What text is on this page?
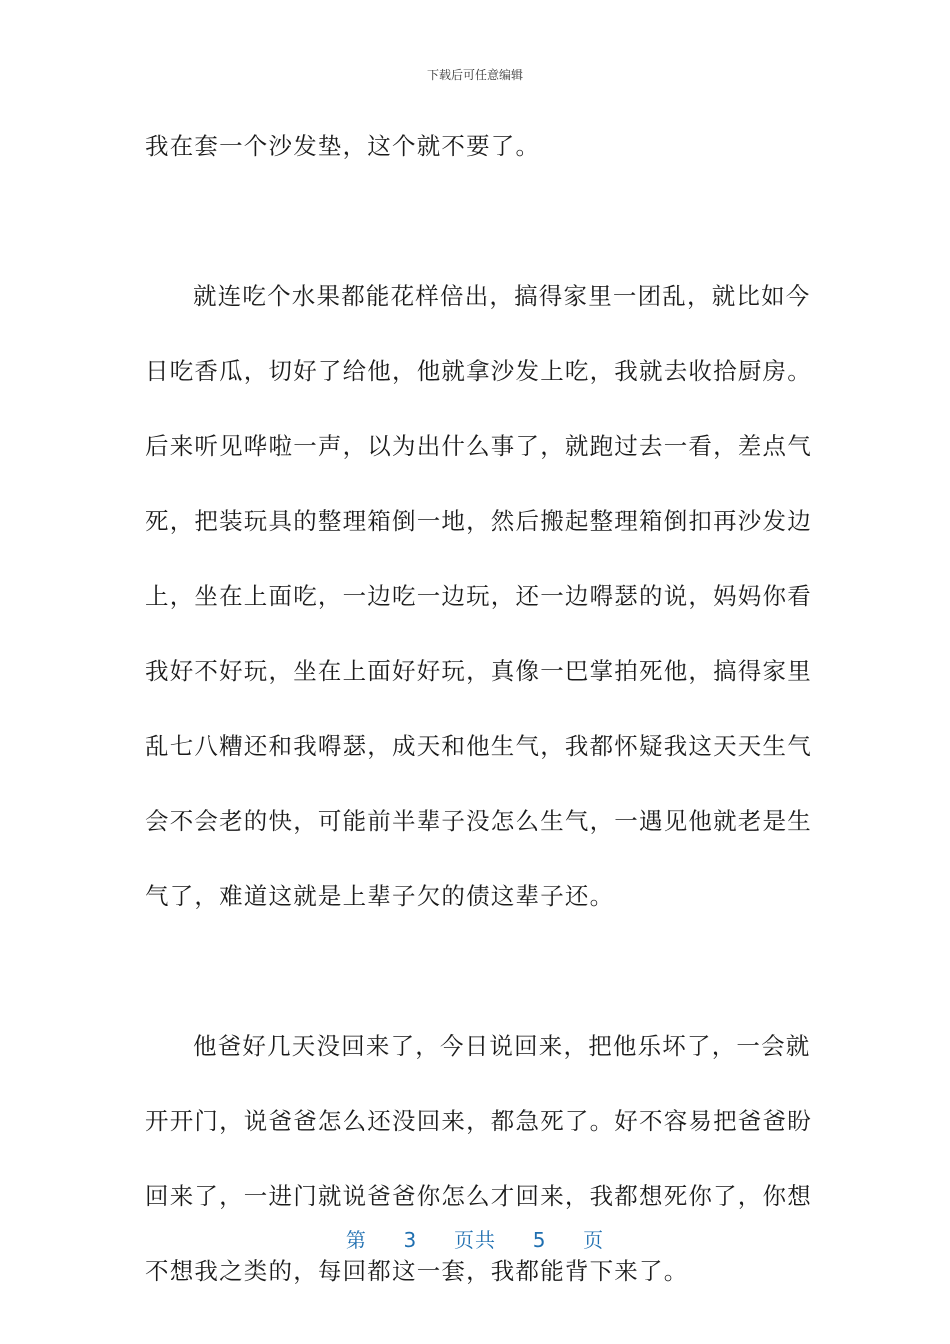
下载后可任意编辑
我在套一个沙发垫，这个就不要了。
就连吃个水果都能花样倍出，搞得家里一团乱，就比如今
日吃香瓜，切好了给他，他就拿沙发上吃，我就去收拾厨房。
后来听见哗啦一声，以为出什么事了，就跑过去一看，差点气
死，把装玩具的整理箱倒一地，然后搬起整理箱倒扣再沙发边
上，坐在上面吃，一边吃一边玩，还一边嘚瑟的说，妈妈你看
我好不好玩，坐在上面好好玩，真像一巴掌拍死他，搞得家里
乱七八糟还和我嘚瑟，成天和他生气，我都怀疑我这天天生气
会不会老的快，可能前半辈子没怎么生气，一遇见他就老是生
气了，难道这就是上辈子欠的债这辈子还。
他爸好几天没回来了，今日说回来，把他乐坏了，一会就
开开门，说爸爸怎么还没回来，都急死了。好不容易把爸爸盼
回来了，一进门就说爸爸你怎么才回来，我都想死你了，你想
不想我之类的，每回都这一套，我都能背下来了。
第 3 页共 5 页
